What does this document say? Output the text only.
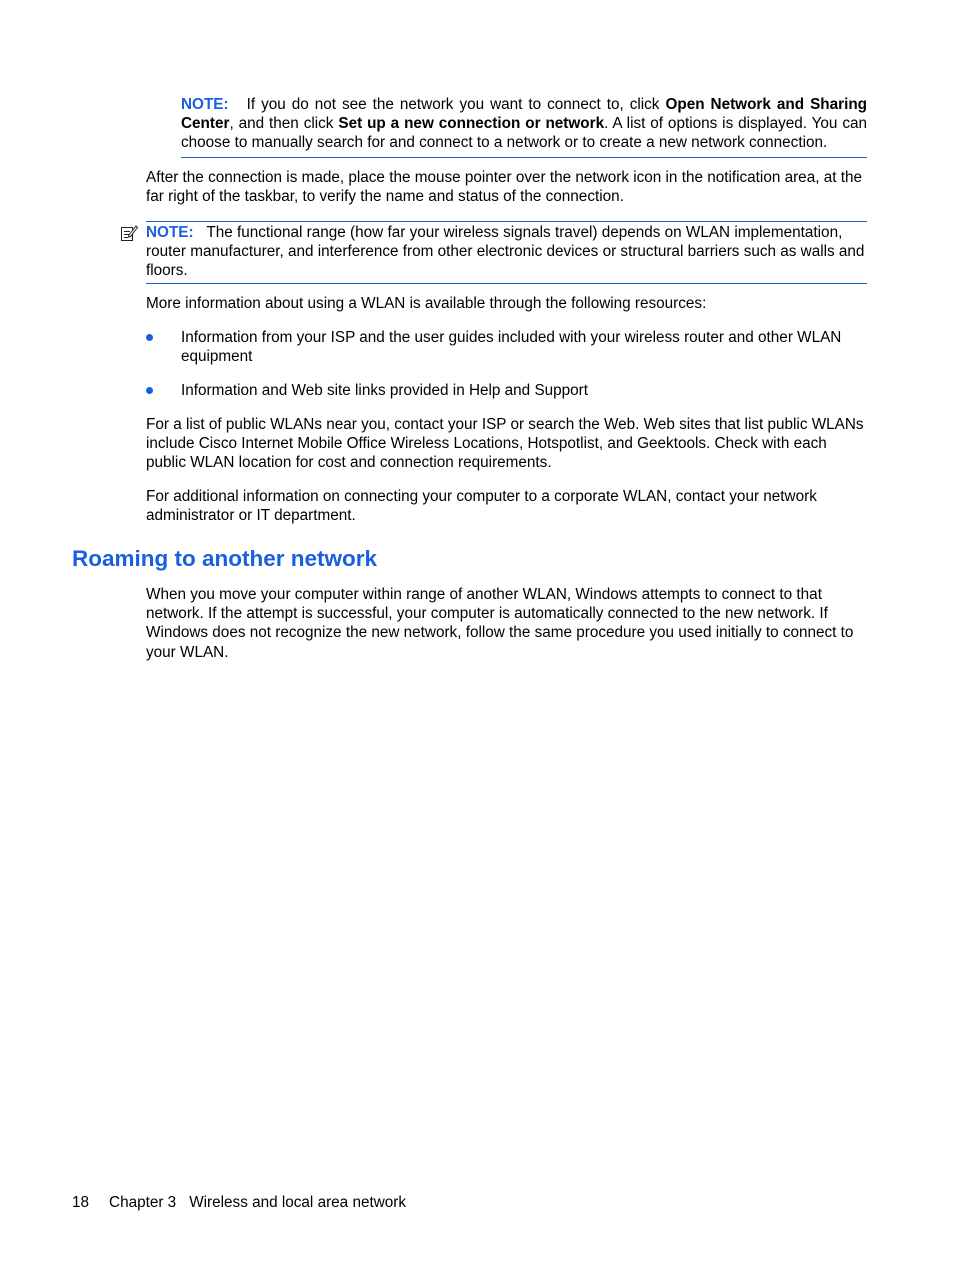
NOTE: If you do not see the network you want to connect to, click Open Network and Sharing Center, and then click Set up a new connection or network. A list of options is displayed. You can choose to manually search for and connect to a network or to create a new network connection.

After the connection is made, place the mouse pointer over the network icon in the notification area, at the far right of the taskbar, to verify the name and status of the connection.

NOTE: The functional range (how far your wireless signals travel) depends on WLAN implementation, router manufacturer, and interference from other electronic devices or structural barriers such as walls and floors.

More information about using a WLAN is available through the following resources:

Information from your ISP and the user guides included with your wireless router and other WLAN equipment
Information and Web site links provided in Help and Support

For a list of public WLANs near you, contact your ISP or search the Web. Web sites that list public WLANs include Cisco Internet Mobile Office Wireless Locations, Hotspotlist, and Geektools. Check with each public WLAN location for cost and connection requirements.

For additional information on connecting your computer to a corporate WLAN, contact your network administrator or IT department.

Roaming to another network

When you move your computer within range of another WLAN, Windows attempts to connect to that network. If the attempt is successful, your computer is automatically connected to the new network. If Windows does not recognize the new network, follow the same procedure you used initially to connect to your WLAN.

18 Chapter 3 Wireless and local area network
